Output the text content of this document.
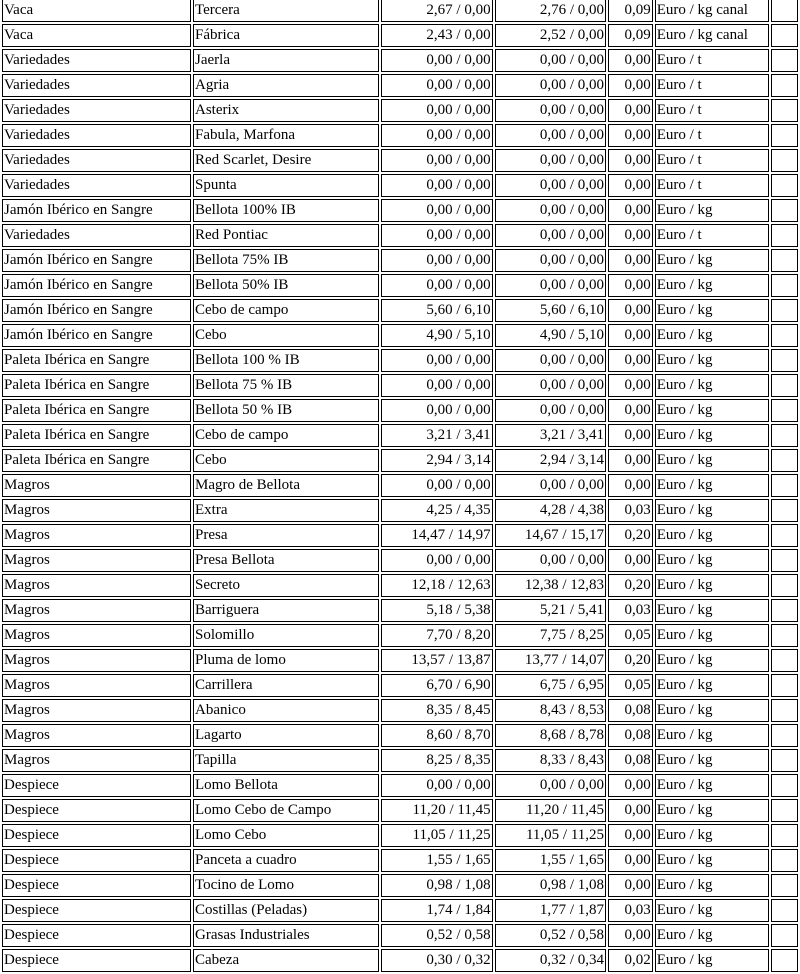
Vaca	Tercera	2,67 / 0,00	2,76 / 0,00	0,09	Euro / kg canal	
Vaca	Fábrica	2,43 / 0,00	2,52 / 0,00	0,09	Euro / kg canal	
Variedades	Jaerla	0,00 / 0,00	0,00 / 0,00	0,00	Euro / t	
Variedades	Agria	0,00 / 0,00	0,00 / 0,00	0,00	Euro / t	
Variedades	Asterix	0,00 / 0,00	0,00 / 0,00	0,00	Euro / t	
Variedades	Fabula, Marfona	0,00 / 0,00	0,00 / 0,00	0,00	Euro / t	
Variedades	Red Scarlet, Desire	0,00 / 0,00	0,00 / 0,00	0,00	Euro / t	
Variedades	Spunta	0,00 / 0,00	0,00 / 0,00	0,00	Euro / t	
Jamón Ibérico en Sangre	Bellota 100% IB	0,00 / 0,00	0,00 / 0,00	0,00	Euro / kg	
Variedades	Red Pontiac	0,00 / 0,00	0,00 / 0,00	0,00	Euro / t	
Jamón Ibérico en Sangre	Bellota 75% IB	0,00 / 0,00	0,00 / 0,00	0,00	Euro / kg	
Jamón Ibérico en Sangre	Bellota 50% IB	0,00 / 0,00	0,00 / 0,00	0,00	Euro / kg	
Jamón Ibérico en Sangre	Cebo de campo	5,60 / 6,10	5,60 / 6,10	0,00	Euro / kg	
Jamón Ibérico en Sangre	Cebo	4,90 / 5,10	4,90 / 5,10	0,00	Euro / kg	
Paleta Ibérica en Sangre	Bellota 100 % IB	0,00 / 0,00	0,00 / 0,00	0,00	Euro / kg	
Paleta Ibérica en Sangre	Bellota 75 % IB	0,00 / 0,00	0,00 / 0,00	0,00	Euro / kg	
Paleta Ibérica en Sangre	Bellota 50 % IB	0,00 / 0,00	0,00 / 0,00	0,00	Euro / kg	
Paleta Ibérica en Sangre	Cebo de campo	3,21 / 3,41	3,21 / 3,41	0,00	Euro / kg	
Paleta Ibérica en Sangre	Cebo	2,94 / 3,14	2,94 / 3,14	0,00	Euro / kg	
Magros	Magro de Bellota	0,00 / 0,00	0,00 / 0,00	0,00	Euro / kg	
Magros	Extra	4,25 / 4,35	4,28 / 4,38	0,03	Euro / kg	
Magros	Presa	14,47 / 14,97	14,67 / 15,17	0,20	Euro / kg	
Magros	Presa Bellota	0,00 / 0,00	0,00 / 0,00	0,00	Euro / kg	
Magros	Secreto	12,18 / 12,63	12,38 / 12,83	0,20	Euro / kg	
Magros	Barriguera	5,18 / 5,38	5,21 / 5,41	0,03	Euro / kg	
Magros	Solomillo	7,70 / 8,20	7,75 / 8,25	0,05	Euro / kg	
Magros	Pluma de lomo	13,57 / 13,87	13,77 / 14,07	0,20	Euro / kg	
Magros	Carrillera	6,70 / 6,90	6,75 / 6,95	0,05	Euro / kg	
Magros	Abanico	8,35 / 8,45	8,43 / 8,53	0,08	Euro / kg	
Magros	Lagarto	8,60 / 8,70	8,68 / 8,78	0,08	Euro / kg	
Magros	Tapilla	8,25 / 8,35	8,33 / 8,43	0,08	Euro / kg	
Despiece	Lomo Bellota	0,00 / 0,00	0,00 / 0,00	0,00	Euro / kg	
Despiece	Lomo Cebo de Campo	11,20 / 11,45	11,20 / 11,45	0,00	Euro / kg	
Despiece	Lomo Cebo	11,05 / 11,25	11,05 / 11,25	0,00	Euro / kg	
Despiece	Panceta a cuadro	1,55 / 1,65	1,55 / 1,65	0,00	Euro / kg	
Despiece	Tocino de Lomo	0,98 / 1,08	0,98 / 1,08	0,00	Euro / kg	
Despiece	Costillas (Peladas)	1,74 / 1,84	1,77 / 1,87	0,03	Euro / kg	
Despiece	Grasas Industriales	0,52 / 0,58	0,52 / 0,58	0,00	Euro / kg	
Despiece	Cabeza	0,30 / 0,32	0,32 / 0,34	0,02	Euro / kg	
